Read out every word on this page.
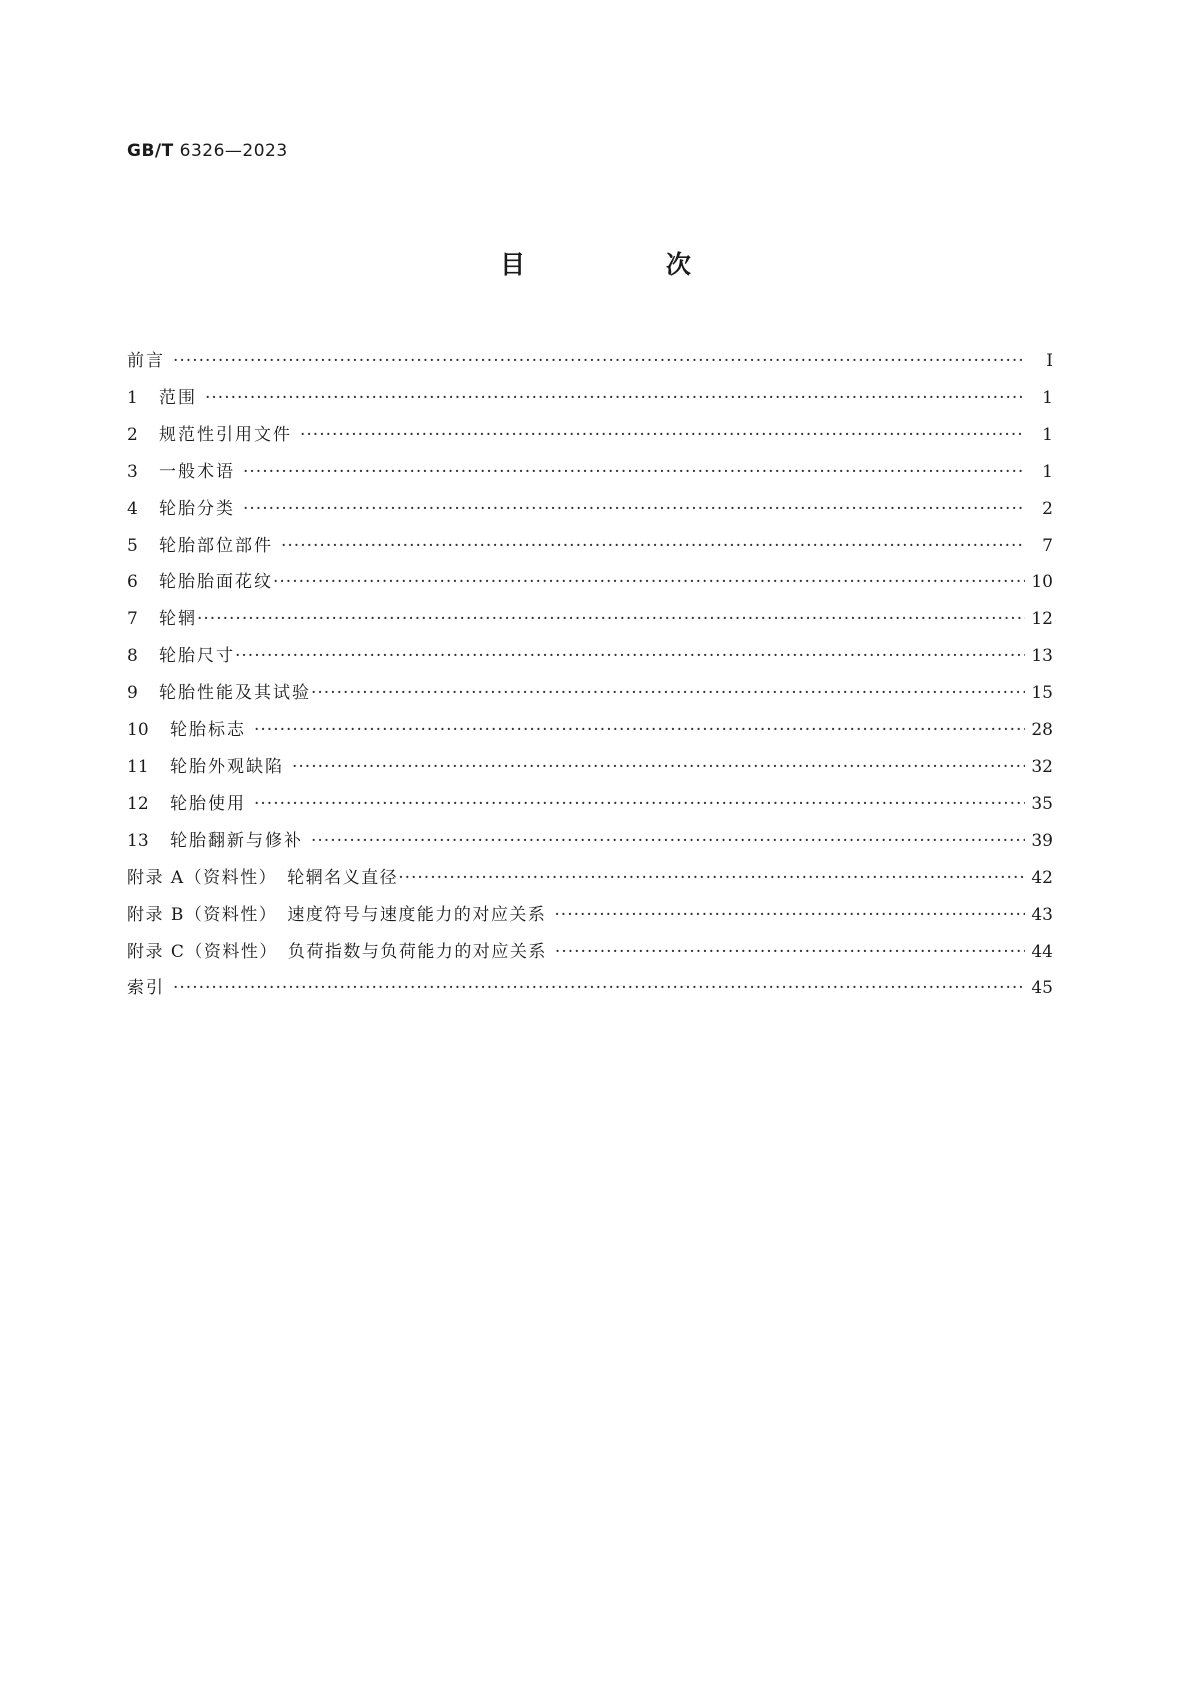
GB/T 6326—2023
目 次
前言 ·····	Ⅰ
1	范围 ·····	1
2	规范性引用文件 ·····	1
3	一般术语 ·····	1
4	轮胎分类 ·····	2
5	轮胎部位部件 ·····	7
6	轮胎胎面花纹 ·····	10
7	轮辋 ·····	12
8	轮胎尺寸 ·····	13
9	轮胎性能及其试验 ·····	15
10	轮胎标志 ·····	28
11	轮胎外观缺陷 ·····	32
12	轮胎使用 ·····	35
13	轮胎翻新与修补 ·····	39
附录 A（资料性）　轮辋名义直径 ·····	42
附录 B（资料性）　速度符号与速度能力的对应关系 ·····	43
附录 C（资料性）　负荷指数与负荷能力的对应关系 ·····	44
索引 ·····	45
